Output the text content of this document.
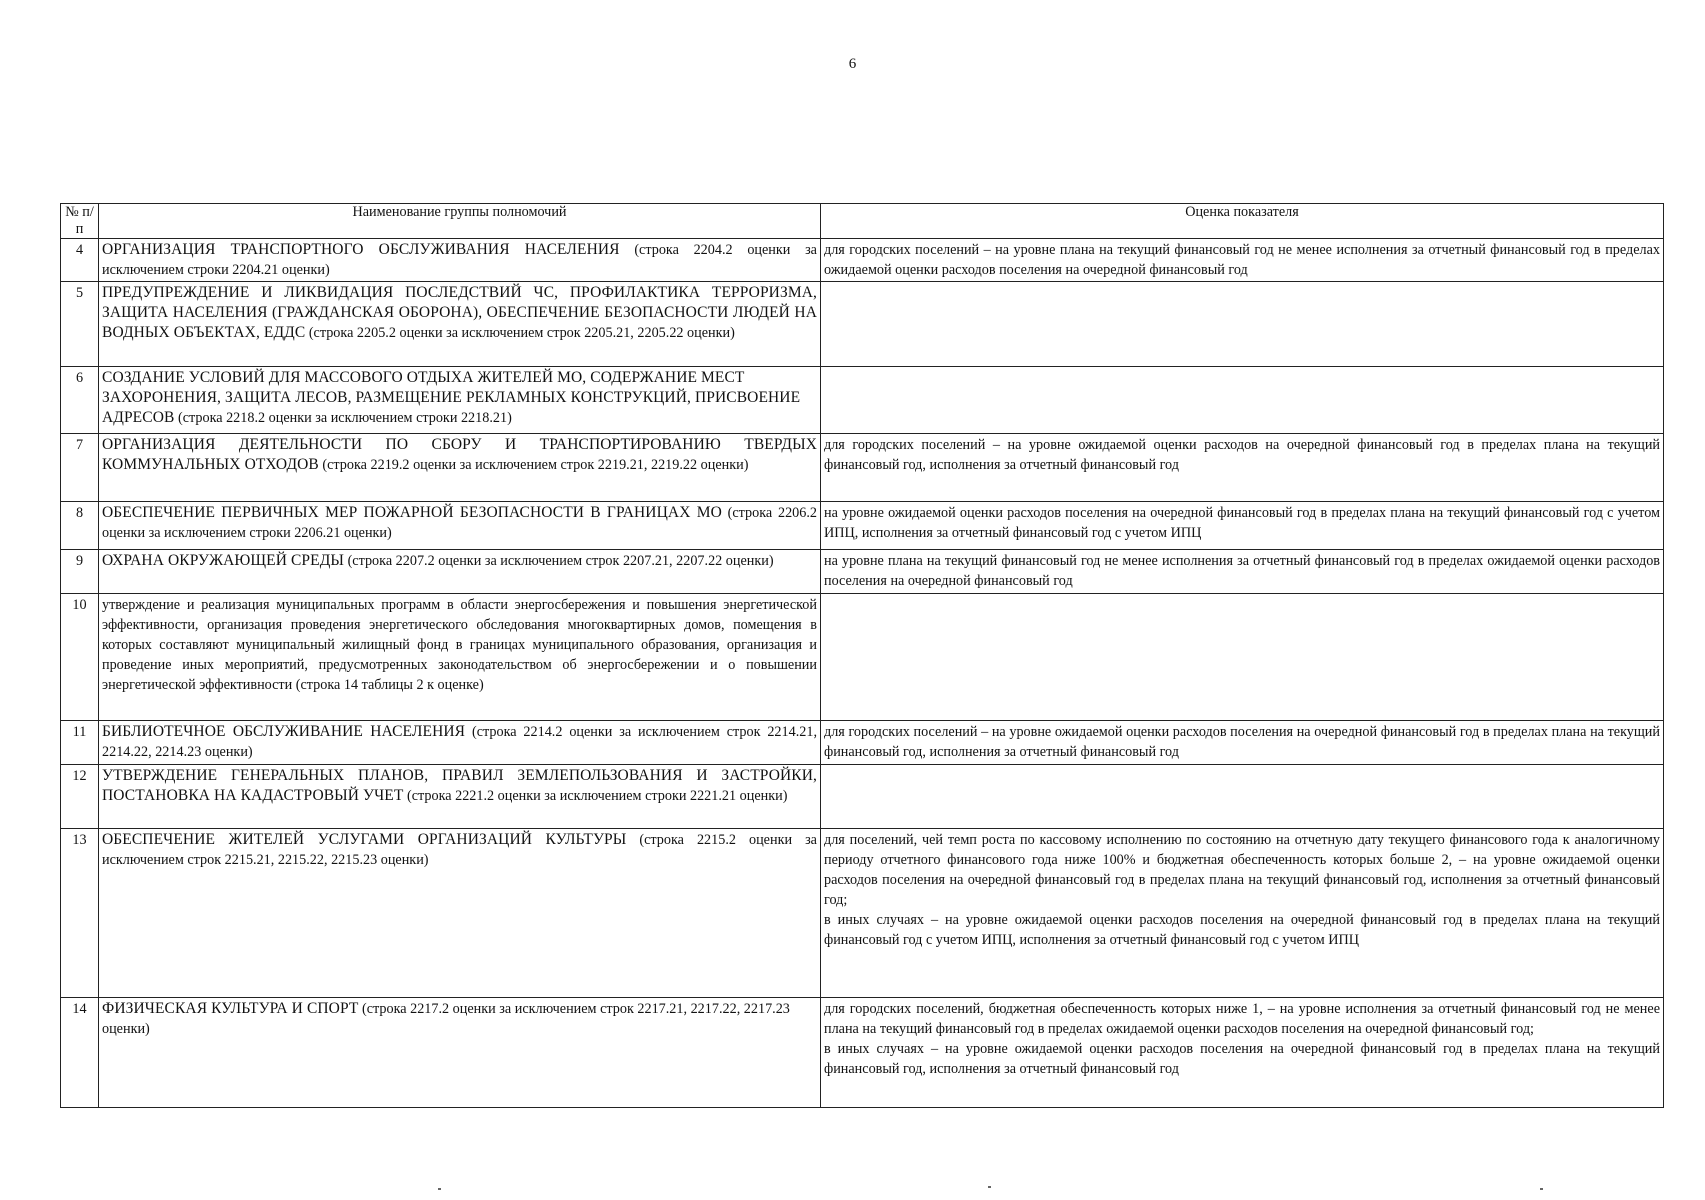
6
№ п/п	Наименование группы полномочий	Оценка показателя
4	ОРГАНИЗАЦИЯ ТРАНСПОРТНОГО ОБСЛУЖИВАНИЯ НАСЕЛЕНИЯ (строка 2204.2 оценки за исключением строки 2204.21 оценки)	для городских поселений – на уровне плана на текущий финансовый год не менее исполнения за отчетный финансовый год в пределах ожидаемой оценки расходов поселения на очередной финансовый год

5	ПРЕДУПРЕЖДЕНИЕ И ЛИКВИДАЦИЯ ПОСЛЕДСТВИЙ ЧС, ПРОФИЛАКТИКА ТЕРРОРИЗМА, ЗАЩИТА НАСЕЛЕНИЯ (ГРАЖДАНСКАЯ ОБОРОНА), ОБЕСПЕЧЕНИЕ БЕЗОПАСНОСТИ ЛЮДЕЙ НА ВОДНЫХ ОБЪЕКТАХ, ЕДДС (строка 2205.2 оценки за исключением строк 2205.21, 2205.22 оценки)	
6	СОЗДАНИЕ УСЛОВИЙ ДЛЯ МАССОВОГО ОТДЫХА ЖИТЕЛЕЙ МО, СОДЕРЖАНИЕ МЕСТ ЗАХОРОНЕНИЯ, ЗАЩИТА ЛЕСОВ, РАЗМЕЩЕНИЕ РЕКЛАМНЫХ КОНСТРУКЦИЙ, ПРИСВОЕНИЕ АДРЕСОВ (строка 2218.2 оценки за исключением строки 2218.21)	
7	ОРГАНИЗАЦИЯ ДЕЯТЕЛЬНОСТИ ПО СБОРУ И ТРАНСПОРТИРОВАНИЮ ТВЕРДЫХ КОММУНАЛЬНЫХ ОТХОДОВ (строка 2219.2 оценки за исключением строк 2219.21, 2219.22 оценки)	для городских поселений – на уровне ожидаемой оценки расходов на очередной финансовый год в пределах плана на текущий финансовый год, исполнения за отчетный финансовый год

8	ОБЕСПЕЧЕНИЕ ПЕРВИЧНЫХ МЕР ПОЖАРНОЙ БЕЗОПАСНОСТИ В ГРАНИЦАХ МО (строка 2206.2 оценки за исключением строки 2206.21 оценки)	на уровне ожидаемой оценки расходов поселения на очередной финансовый год в пределах плана на текущий финансовый год с учетом ИПЦ, исполнения за отчетный финансовый год с учетом ИПЦ

9	ОХРАНА ОКРУЖАЮЩЕЙ СРЕДЫ (строка 2207.2 оценки за исключением строк 2207.21, 2207.22 оценки)	на уровне плана на текущий финансовый год не менее исполнения за отчетный финансовый год в пределах ожидаемой оценки расходов поселения на очередной финансовый год

10	утверждение и реализация муниципальных программ в области энергосбережения и повышения энергетической эффективности, организация проведения энергетического обследования многоквартирных домов, помещения в которых составляют муниципальный жилищный фонд в границах муниципального образования, организация и проведение иных мероприятий, предусмотренных законодательством об энергосбережении и о повышении энергетической эффективности (строка 14 таблицы 2 к оценке)	
11	БИБЛИОТЕЧНОЕ ОБСЛУЖИВАНИЕ НАСЕЛЕНИЯ (строка 2214.2 оценки за исключением строк 2214.21, 2214.22, 2214.23 оценки)	для городских поселений – на уровне ожидаемой оценки расходов поселения на очередной финансовый год в пределах плана на текущий финансовый год, исполнения за отчетный финансовый год

12	УТВЕРЖДЕНИЕ ГЕНЕРАЛЬНЫХ ПЛАНОВ, ПРАВИЛ ЗЕМЛЕПОЛЬЗОВАНИЯ И ЗАСТРОЙКИ, ПОСТАНОВКА НА КАДАСТРОВЫЙ УЧЕТ (строка 2221.2 оценки за исключением строки 2221.21 оценки)	
13	ОБЕСПЕЧЕНИЕ ЖИТЕЛЕЙ УСЛУГАМИ ОРГАНИЗАЦИЙ КУЛЬТУРЫ (строка 2215.2 оценки за исключением строк 2215.21, 2215.22, 2215.23 оценки)	для поселений, чей темп роста по кассовому исполнению по состоянию на отчетную дату текущего финансового года к аналогичному периоду отчетного финансового года ниже 100% и бюджетная обеспеченность которых больше 2, – на уровне ожидаемой оценки расходов поселения на очередной финансовый год в пределах плана на текущий финансовый год, исполнения за отчетный финансовый год;
в иных случаях – на уровне ожидаемой оценки расходов поселения на очередной финансовый год в пределах плана на текущий финансовый год с учетом ИПЦ, исполнения за отчетный финансовый год с учетом ИПЦ

14	ФИЗИЧЕСКАЯ КУЛЬТУРА И СПОРТ (строка 2217.2 оценки за исключением строк 2217.21, 2217.22, 2217.23 оценки)	для городских поселений, бюджетная обеспеченность которых ниже 1, – на уровне исполнения за отчетный финансовый год не менее плана на текущий финансовый год в пределах ожидаемой оценки расходов поселения на очередной финансовый год;
в иных случаях – на уровне ожидаемой оценки расходов поселения на очередной финансовый год в пределах плана на текущий финансовый год, исполнения за отчетный финансовый год
